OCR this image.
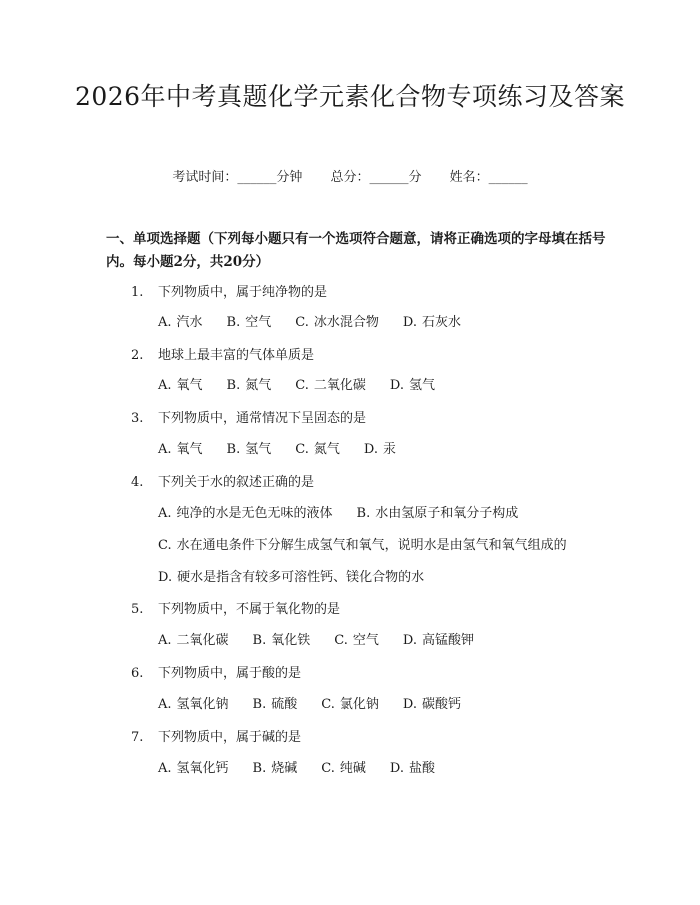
2026年中考真题化学元素化合物专项练习及答案
考试时间：______分钟 总分：______分 姓名：______

一、单项选择题（下列每小题只有一个选项符合题意，请将正确选项的字母填在括号内。每小题2分，共20分）

1. 下列物质中，属于纯净物的是
A. 汽水 B. 空气 C. 冰水混合物 D. 石灰水
2. 地球上最丰富的气体单质是
A. 氧气 B. 氮气 C. 二氧化碳 D. 氢气
3. 下列物质中，通常情况下呈固态的是
A. 氧气 B. 氢气 C. 氮气 D. 汞
4. 下列关于水的叙述正确的是
A. 纯净的水是无色无味的液体 B. 水由氢原子和氧分子构成
C. 水在通电条件下分解生成氢气和氧气，说明水是由氢气和氧气组成的
D. 硬水是指含有较多可溶性钙、镁化合物的水
5. 下列物质中，不属于氧化物的是
A. 二氧化碳 B. 氧化铁 C. 空气 D. 高锰酸钾
6. 下列物质中，属于酸的是
A. 氢氧化钠 B. 硫酸 C. 氯化钠 D. 碳酸钙
7. 下列物质中，属于碱的是
A. 氢氧化钙 B. 烧碱 C. 纯碱 D. 盐酸
